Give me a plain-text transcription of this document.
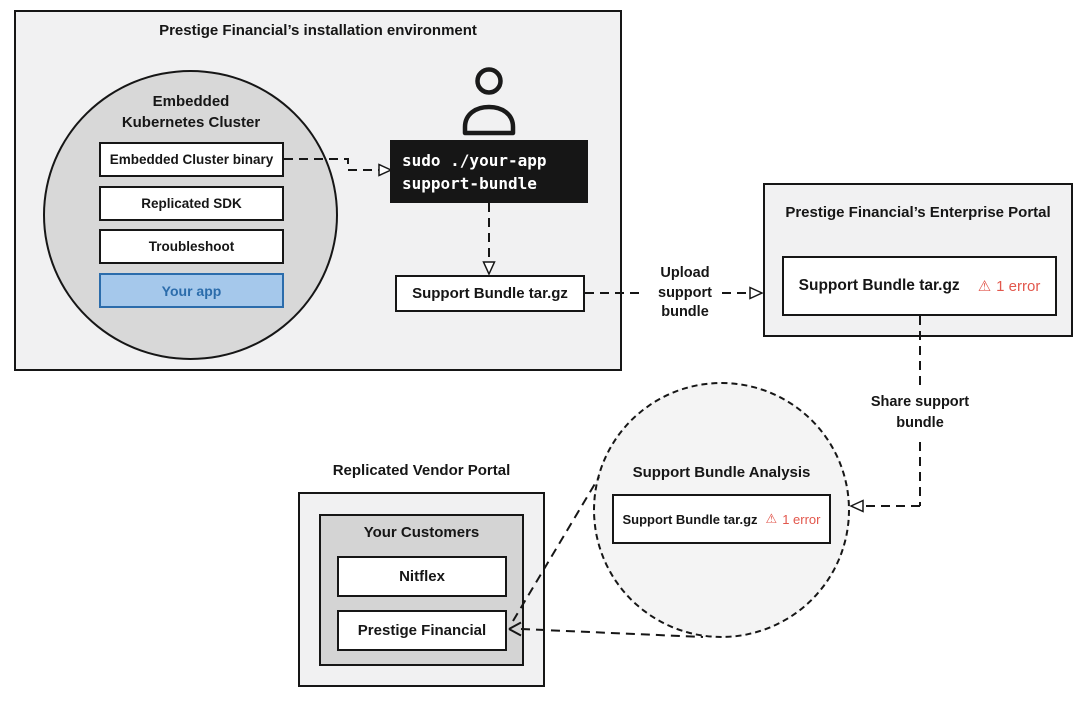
Prestige Financial’s installation environment
Embedded
Kubernetes Cluster
Embedded Cluster binary
Replicated SDK
Troubleshoot
Your app
sudo ./your-app
support-bundle
Support Bundle tar.gz
Upload support bundle
Share support bundle
Prestige Financial’s Enterprise Portal
Support Bundle tar.gz ⚠ 1 error
Support Bundle Analysis
Support Bundle tar.gz ⚠ 1 error
Replicated Vendor Portal
Your Customers
Nitflex
Prestige Financial
